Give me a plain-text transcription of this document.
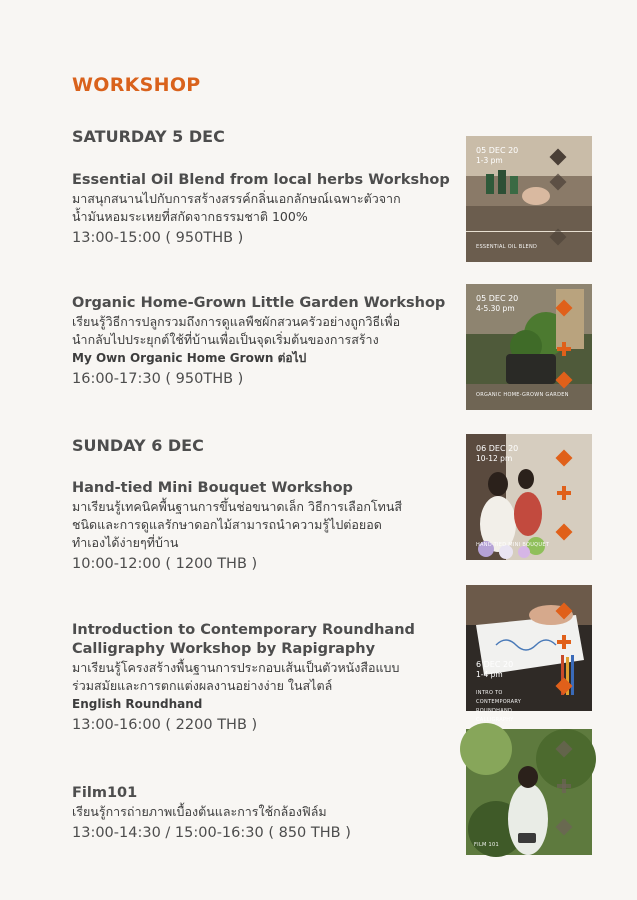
WORKSHOP
SATURDAY 5 DEC
Essential Oil Blend from local herbs Workshop
มาสนุกสนานไปกับการสร้างสรรค์กลิ่นเอกลักษณ์เฉพาะตัวจาก
น้ำมันหอมระเหยที่สกัดจากธรรมชาติ 100%
13:00-15:00 ( 950THB )
Organic Home-Grown Little Garden Workshop
เรียนรู้วิธีการปลูกรวมถึงการดูแลพืชผักสวนครัวอย่างถูกวิธีเพื่อ
นำกลับไปประยุกต์ใช้ที่บ้านเพื่อเป็นจุดเริ่มต้นของการสร้าง
My Own Organic Home Grown ต่อไป
16:00-17:30 ( 950THB )
SUNDAY 6 DEC
Hand-tied Mini Bouquet Workshop
มาเรียนรู้เทคนิคพื้นฐานการขึ้นช่อขนาดเล็ก วิธีการเลือกโทนสี
ชนิดและการดูแลรักษาดอกไม้สามารถนำความรู้ไปต่อยอด
ทำเองได้ง่ายๆที่บ้าน
10:00-12:00 ( 1200 THB )
Introduction to Contemporary Roundhand
Calligraphy Workshop by Rapigraphy
มาเรียนรู้โครงสร้างพื้นฐานการประกอบเส้นเป็นตัวหนังสือแบบ
ร่วมสมัยและการตกแต่งผลงานอย่างง่าย ในสไตล์
English Roundhand
13:00-16:00 ( 2200 THB )
Film101
เรียนรู้การถ่ายภาพเบื้องต้นและการใช้กล้องฟิล์ม
13:00-14:30 / 15:00-16:30 ( 850 THB )
05 DEC 20
1-3 pm
ESSENTIAL OIL BLEND
05 DEC 20
4-5.30 pm
ORGANIC HOME-GROWN GARDEN
06 DEC 20
10-12 pm
HAND-TIED MINI BOUQUET
6 DEC 20
1-4 pm
INTRO TO CONTEMPORARY ROUNDHAND CALLIGRAPHY
FILM 101
